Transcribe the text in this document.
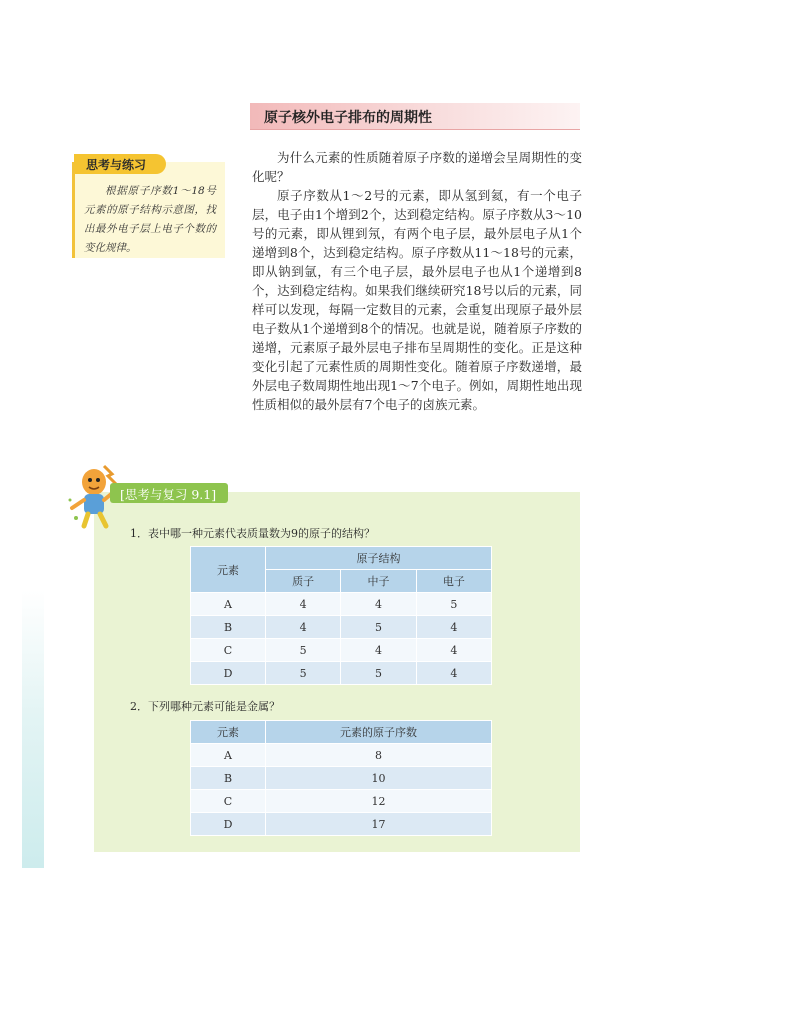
原子核外电子排布的周期性
思考与练习
根据原子序数1～18号元素的原子结构示意图，找出最外电子层上电子个数的变化规律。

为什么元素的性质随着原子序数的递增会呈周期性的变化呢？

原子序数从1～2号的元素，即从氢到氦，有一个电子层，电子由1个增到2个，达到稳定结构。原子序数从3～10号的元素，即从锂到氖，有两个电子层，最外层电子从1个递增到8个，达到稳定结构。原子序数从11～18号的元素，即从钠到氩，有三个电子层，最外层电子也从1个递增到8个，达到稳定结构。如果我们继续研究18号以后的元素，同样可以发现，每隔一定数目的元素，会重复出现原子最外层电子数从1个递增到8个的情况。也就是说，随着原子序数的递增，元素原子最外层电子排布呈周期性的变化。正是这种变化引起了元素性质的周期性变化。随着原子序数递增，最外层电子数周期性地出现1～7个电子。例如，周期性地出现性质相似的最外层有7个电子的卤族元素。

[思考与复习 9.1]
1．表中哪一种元素代表质量数为9的原子的结构？
元素	原子结构		
	质子	中子	电子
A	4	4	5
B	4	5	4
C	5	4	4
D	5	5	4
2．下列哪种元素可能是金属？
元素	元素的原子序数
A	8
B	10
C	12
D	17
